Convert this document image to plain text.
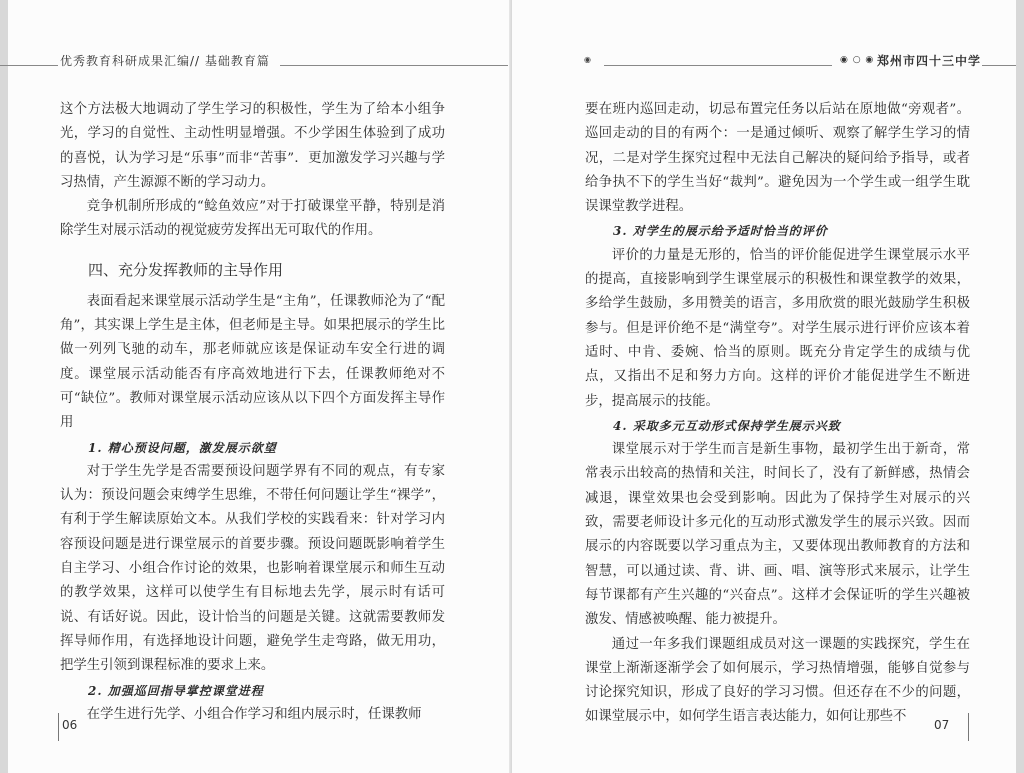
优秀教育科研成果汇编// 基础教育篇

这个方法极大地调动了学生学习的积极性，学生为了给本小组争光，学习的自觉性、主动性明显增强。不少学困生体验到了成功的喜悦，认为学习是“乐事”而非“苦事”．更加激发学习兴趣与学习热情，产生源源不断的学习动力。

竞争机制所形成的“鲶鱼效应”对于打破课堂平静，特别是消除学生对展示活动的视觉疲劳发挥出无可取代的作用。

四、充分发挥教师的主导作用

表面看起来课堂展示活动学生是“主角”，任课教师沦为了“配角”，其实课上学生是主体，但老师是主导。如果把展示的学生比做一列列飞驰的动车，那老师就应该是保证动车安全行进的调度。课堂展示活动能否有序高效地进行下去，任课教师绝对不可“缺位”。教师对课堂展示活动应该从以下四个方面发挥主导作用

1. 精心预设问题，激发展示欲望

对于学生先学是否需要预设问题学界有不同的观点，有专家认为：预设问题会束缚学生思维，不带任何问题让学生“裸学”，有利于学生解读原始文本。从我们学校的实践看来：针对学习内容预设问题是进行课堂展示的首要步骤。预设问题既影响着学生自主学习、小组合作讨论的效果，也影响着课堂展示和师生互动的教学效果，这样可以使学生有目标地去先学，展示时有话可说、有话好说。因此，设计恰当的问题是关键。这就需要教师发挥导师作用，有选择地设计问题，避免学生走弯路，做无用功，把学生引领到课程标准的要求上来。

2. 加强巡回指导掌控课堂进程

在学生进行先学、小组合作学习和组内展示时，任课教师

06
◉	◉ ○ ◉ 郑州市四十三中学

要在班内巡回走动，切忌布置完任务以后站在原地做“旁观者”。巡回走动的目的有两个：一是通过倾听、观察了解学生学习的情况，二是对学生探究过程中无法自己解决的疑问给予指导，或者给争执不下的学生当好“裁判”。避免因为一个学生或一组学生耽误课堂教学进程。

3. 对学生的展示给予适时恰当的评价

评价的力量是无形的，恰当的评价能促进学生课堂展示水平的提高，直接影响到学生课堂展示的积极性和课堂教学的效果，多给学生鼓励，多用赞美的语言，多用欣赏的眼光鼓励学生积极参与。但是评价绝不是“满堂夸”。对学生展示进行评价应该本着适时、中肯、委婉、恰当的原则。既充分肯定学生的成绩与优点，又指出不足和努力方向。这样的评价才能促进学生不断进步，提高展示的技能。

4. 采取多元互动形式保持学生展示兴致

课堂展示对于学生而言是新生事物，最初学生出于新奇，常常表示出较高的热情和关注，时间长了，没有了新鲜感，热情会减退，课堂效果也会受到影响。因此为了保持学生对展示的兴致，需要老师设计多元化的互动形式激发学生的展示兴致。因而展示的内容既要以学习重点为主，又要体现出教师教育的方法和智慧，可以通过读、背、讲、画、唱、演等形式来展示，让学生每节课都有产生兴趣的“兴奋点”。这样才会保证听的学生兴趣被激发、情感被唤醒、能力被提升。

通过一年多我们课题组成员对这一课题的实践探究，学生在课堂上渐渐逐渐学会了如何展示，学习热情增强，能够自觉参与讨论探究知识，形成了良好的学习习惯。但还存在不少的问题，如课堂展示中，如何学生语言表达能力，如何让那些不

07
